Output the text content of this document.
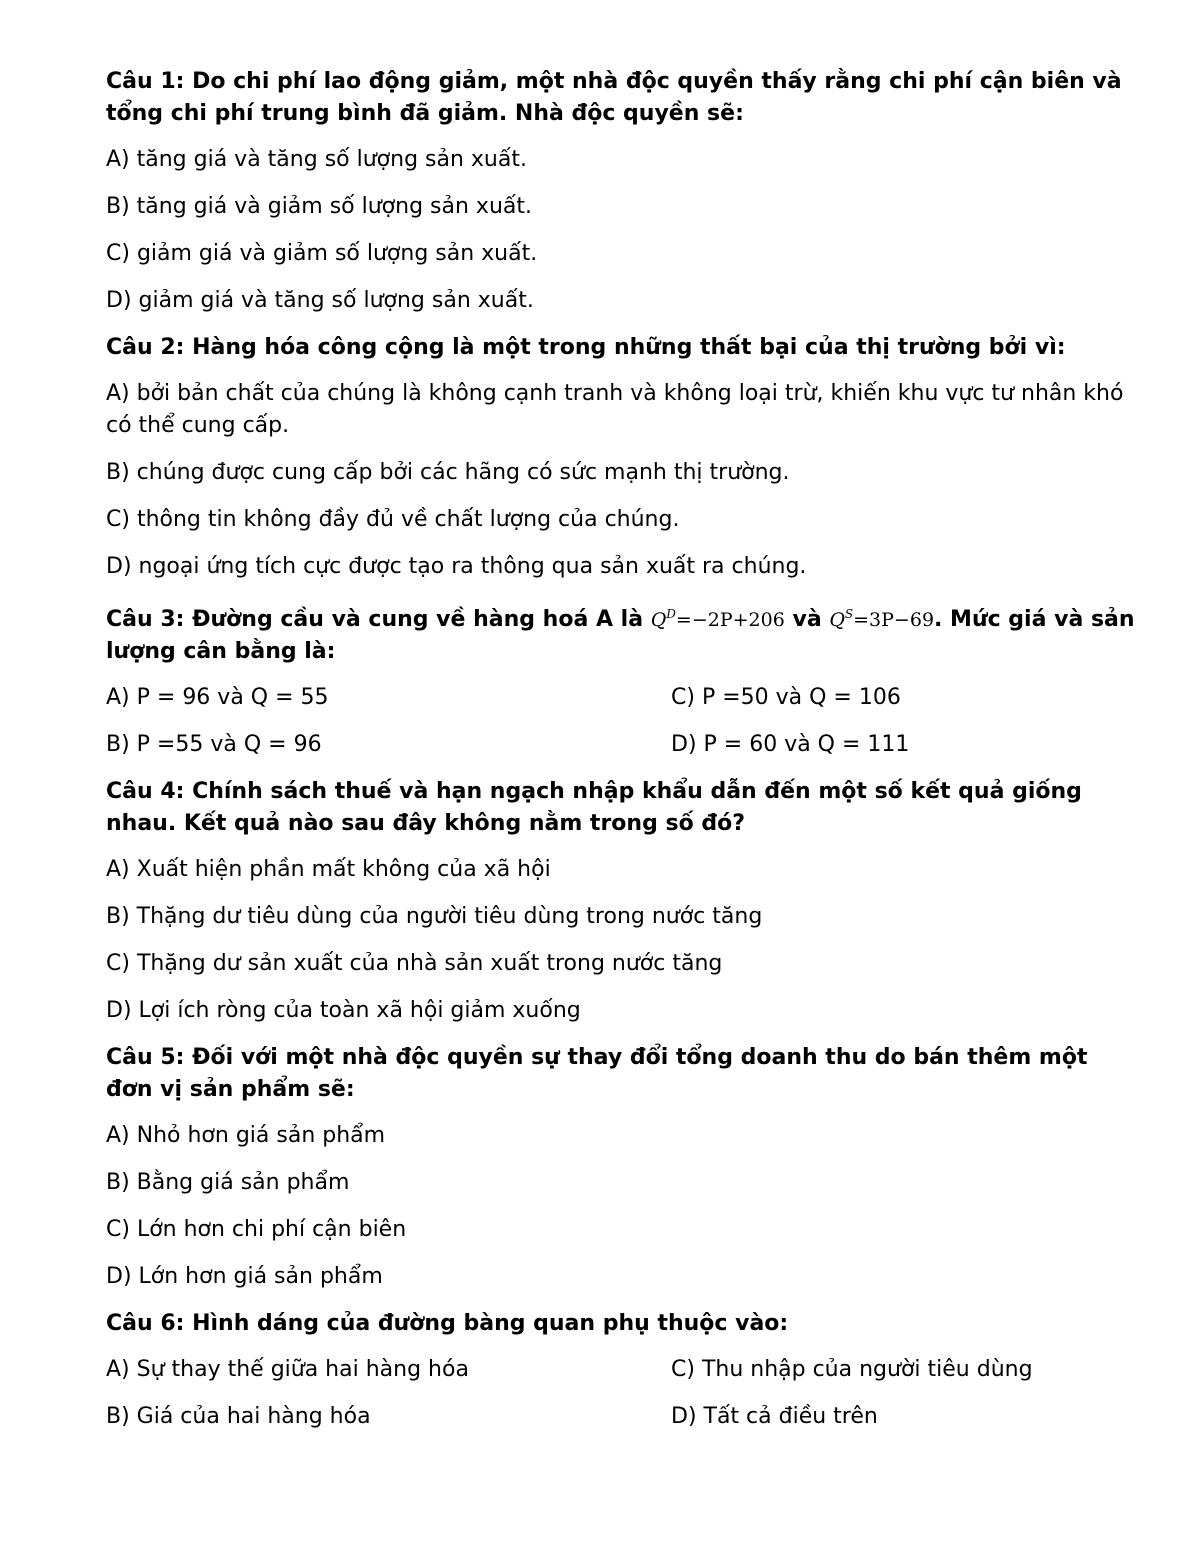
Câu 1: Do chi phí lao động giảm, một nhà độc quyền thấy rằng chi phí cận biên và tổng chi phí trung bình đã giảm. Nhà độc quyền sẽ:
A) tăng giá và tăng số lượng sản xuất.
B) tăng giá và giảm số lượng sản xuất.
C) giảm giá và giảm số lượng sản xuất.
D) giảm giá và tăng số lượng sản xuất.
Câu 2: Hàng hóa công cộng là một trong những thất bại của thị trường bởi vì:
A) bởi bản chất của chúng là không cạnh tranh và không loại trừ, khiến khu vực tư nhân khó có thể cung cấp.
B) chúng được cung cấp bởi các hãng có sức mạnh thị trường.
C) thông tin không đầy đủ về chất lượng của chúng.
D) ngoại ứng tích cực được tạo ra thông qua sản xuất ra chúng.
Câu 3: Đường cầu và cung về hàng hoá A là $Q^D=-2P+206$ và $Q^S=3P-69$. Mức giá và sản lượng cân bằng là:
A) P = 96 và Q = 55	C) P =50 và Q = 106
B) P =55 và Q = 96	D) P = 60 và Q = 111
Câu 4: Chính sách thuế và hạn ngạch nhập khẩu dẫn đến một số kết quả giống nhau. Kết quả nào sau đây không nằm trong số đó?
A) Xuất hiện phần mất không của xã hội
B) Thặng dư tiêu dùng của người tiêu dùng trong nước tăng
C) Thặng dư sản xuất của nhà sản xuất trong nước tăng
D) Lợi ích ròng của toàn xã hội giảm xuống
Câu 5: Đối với một nhà độc quyền sự thay đổi tổng doanh thu do bán thêm một đơn vị sản phẩm sẽ:
A) Nhỏ hơn giá sản phẩm
B) Bằng giá sản phẩm
C) Lớn hơn chi phí cận biên
D) Lớn hơn giá sản phẩm
Câu 6: Hình dáng của đường bàng quan phụ thuộc vào:
A) Sự thay thế giữa hai hàng hóa	C) Thu nhập của người tiêu dùng
B) Giá của hai hàng hóa	D) Tất cả điều trên
